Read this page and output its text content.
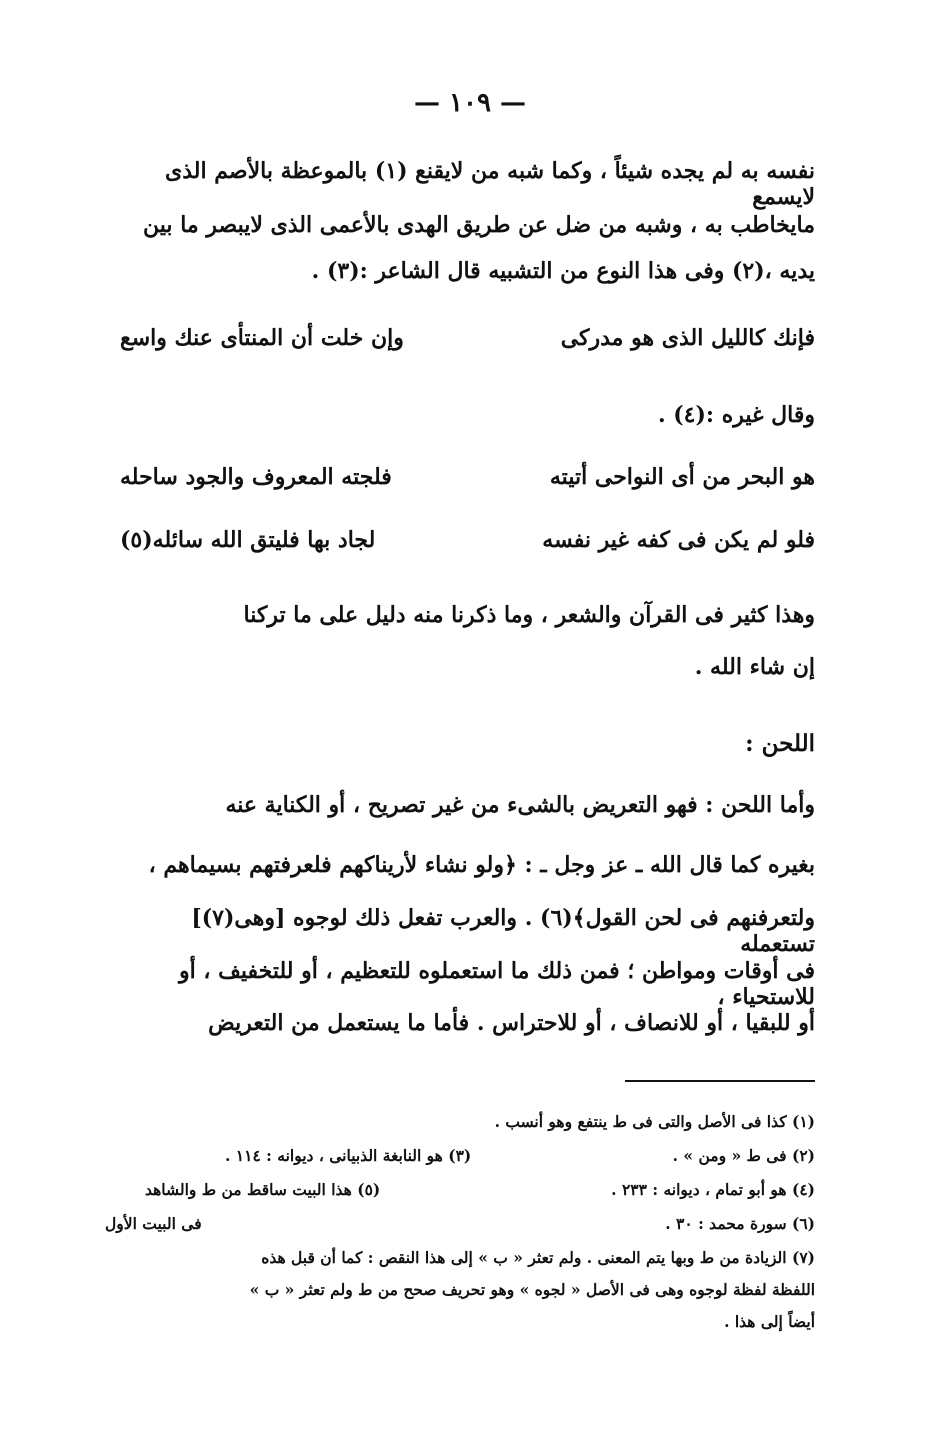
— ١٠٩ —
نفسه به لم يجده شيئاً ، وكما شبه من لايقنع (١) بالموعظة بالأصم الذى لايسمع
مايخاطب به ، وشبه من ضل عن طريق الهدى بالأعمى الذى لايبصر ما بين
يديه ،(٢) وفى هذا النوع من التشبيه قال الشاعر :(٣) .
فإنك كالليل الذى هو مدركى
وإن خلت أن المنتأى عنك واسع
وقال غيره :(٤) .
هو البحر من أى النواحى أتيته
فلجته المعروف والجود ساحله
فلو لم يكن فى كفه غير نفسه
لجاد بها فليتق الله سائله(٥)
وهذا كثير فى القرآن والشعر ، وما ذكرنا منه دليل على ما تركنا
إن شاء الله .
اللحن :
وأما اللحن : فهو التعريض بالشىء من غير تصريح ، أو الكناية عنه
بغيره كما قال الله ـ عز وجل ـ : ﴿ولو نشاء لأريناكهم فلعرفتهم بسيماهم ،
ولتعرفنهم فى لحن القول﴾(٦) . والعرب تفعل ذلك لوجوه [وهى(٧)] تستعمله
فى أوقات ومواطن ؛ فمن ذلك ما استعملوه للتعظيم ، أو للتخفيف ، أو للاستحياء ،
أو للبقيا ، أو للانصاف ، أو للاحتراس . فأما ما يستعمل من التعريض
(١) كذا فى الأصل والتى فى ط ينتفع وهو أنسب .
(٢) فى ط « ومن » .
(٣) هو النابغة الذبيانى ، ديوانه : ١١٤ .
(٤) هو أبو تمام ، ديوانه : ٢٣٣ .
(٥) هذا البيت ساقط من ط والشاهد
(٦) سورة محمد : ٣٠ .
فى البيت الأول
(٧) الزيادة من ط وبها يتم المعنى . ولم تعثر « ب » إلى هذا النقص : كما أن قبل هذه
اللفظة لفظة لوجوه وهى فى الأصل « لجوه » وهو تحريف صحح من ط ولم تعثر « ب »
أيضاً إلى هذا .
